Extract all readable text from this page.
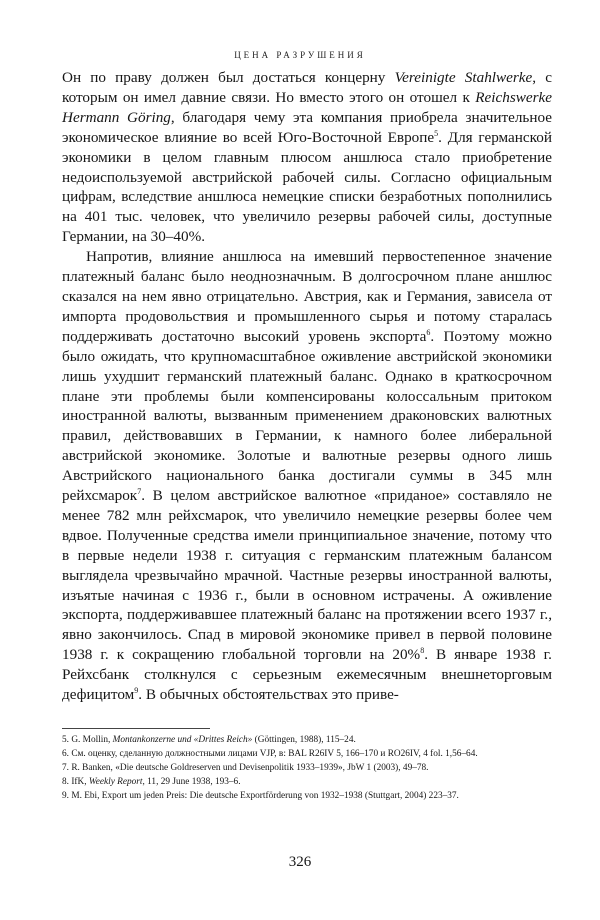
ЦЕНА РАЗРУШЕНИЯ

Он по праву должен был достаться концерну Vereinigte Stahlwerke, с которым он имел давние связи. Но вместо этого он отошел к Reichswerke Hermann Göring, благодаря чему эта компания приобрела значительное экономическое влияние во всей Юго-Восточной Европе$^5$. Для германской экономики в целом главным плюсом аншлюса стало приобретение недоиспользуемой австрийской рабочей силы. Согласно официальным цифрам, вследствие аншлюса немецкие списки безработных пополнились на 401 тыс. человек, что увеличило резервы рабочей силы, доступные Германии, на 30–40%.

Напротив, влияние аншлюса на имевший первостепенное значение платежный баланс было неоднозначным. В долгосрочном плане аншлюс сказался на нем явно отрицательно. Австрия, как и Германия, зависела от импорта продовольствия и промышленного сырья и потому старалась поддерживать достаточно высокий уровень экспорта$^6$. Поэтому можно было ожидать, что крупномасштабное оживление австрийской экономики лишь ухудшит германский платежный баланс. Однако в краткосрочном плане эти проблемы были компенсированы колоссальным притоком иностранной валюты, вызванным применением драконовских валютных правил, действовавших в Германии, к намного более либеральной австрийской экономике. Золотые и валютные резервы одного лишь Австрийского национального банка достигали суммы в 345 млн рейхсмарок$^7$. В целом австрийское валютное «приданое» составляло не менее 782 млн рейхсмарок, что увеличило немецкие резервы более чем вдвое. Полученные средства имели принципиальное значение, потому что в первые недели 1938 г. ситуация с германским платежным балансом выглядела чрезвычайно мрачной. Частные резервы иностранной валюты, изъятые начиная с 1936 г., были в основном истрачены. А оживление экспорта, поддерживавшее платежный баланс на протяжении всего 1937 г., явно закончилось. Спад в мировой экономике привел в первой половине 1938 г. к сокращению глобальной торговли на 20%$^8$. В январе 1938 г. Рейхсбанк столкнулся с серьезным ежемесячным внешнеторговым дефицитом$^9$. В обычных обстоятельствах это приве-

5. G. Mollin, Montankonzerne und «Drittes Reich» (Göttingen, 1988), 115–24.
6. См. оценку, сделанную должностными лицами VJP, в: BAL R26IV 5, 166–170 и RO26IV, 4 fol. 1,56–64.
7. R. Banken, «Die deutsche Goldreserven und Devisenpolitik 1933–1939», JbW 1 (2003), 49–78.
8. IfK, Weekly Report, 11, 29 June 1938, 193–6.
9. M. Ebi, Export um jeden Preis: Die deutsche Exportförderung von 1932–1938 (Stuttgart, 2004) 223–37.
326
